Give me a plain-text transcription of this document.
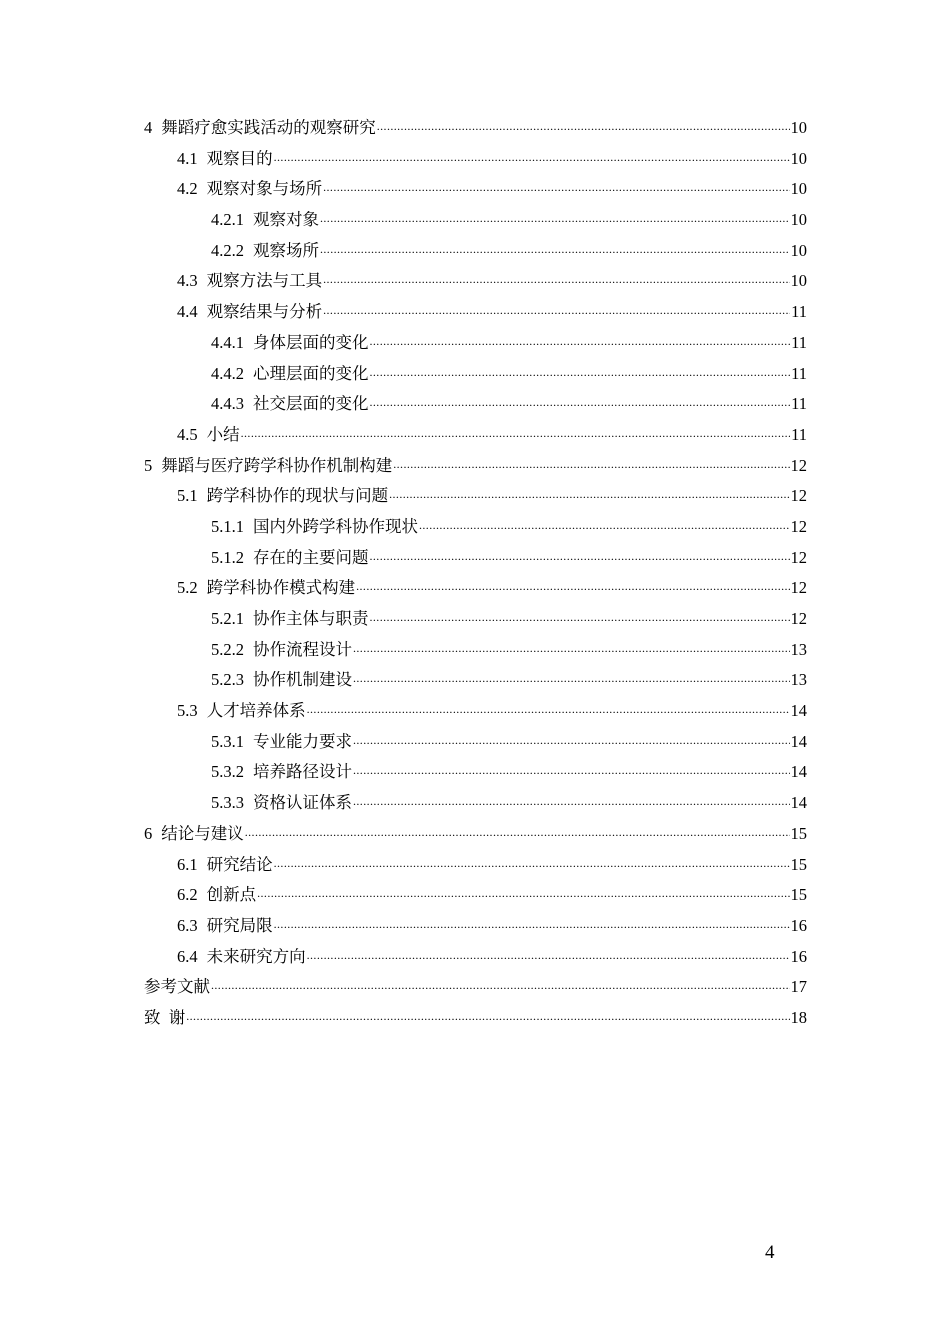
4 舞蹈疗愈实践活动的观察研究 .....	10
4.1 观察目的 .....	10
4.2 观察对象与场所 .....	10
4.2.1 观察对象 .....	10
4.2.2 观察场所 .....	10
4.3 观察方法与工具 .....	10
4.4 观察结果与分析 .....	11
4.4.1 身体层面的变化 .....	11
4.4.2 心理层面的变化 .....	11
4.4.3 社交层面的变化 .....	11
4.5 小结 .....	11
5 舞蹈与医疗跨学科协作机制构建 .....	12
5.1 跨学科协作的现状与问题 .....	12
5.1.1 国内外跨学科协作现状 .....	12
5.1.2 存在的主要问题 .....	12
5.2 跨学科协作模式构建 .....	12
5.2.1 协作主体与职责 .....	12
5.2.2 协作流程设计 .....	13
5.2.3 协作机制建设 .....	13
5.3 人才培养体系 .....	14
5.3.1 专业能力要求 .....	14
5.3.2 培养路径设计 .....	14
5.3.3 资格认证体系 .....	14
6 结论与建议 .....	15
6.1 研究结论 .....	15
6.2 创新点 .....	15
6.3 研究局限 .....	16
6.4 未来研究方向 .....	16
参考文献 .....	17
致  谢 .....	18
4
